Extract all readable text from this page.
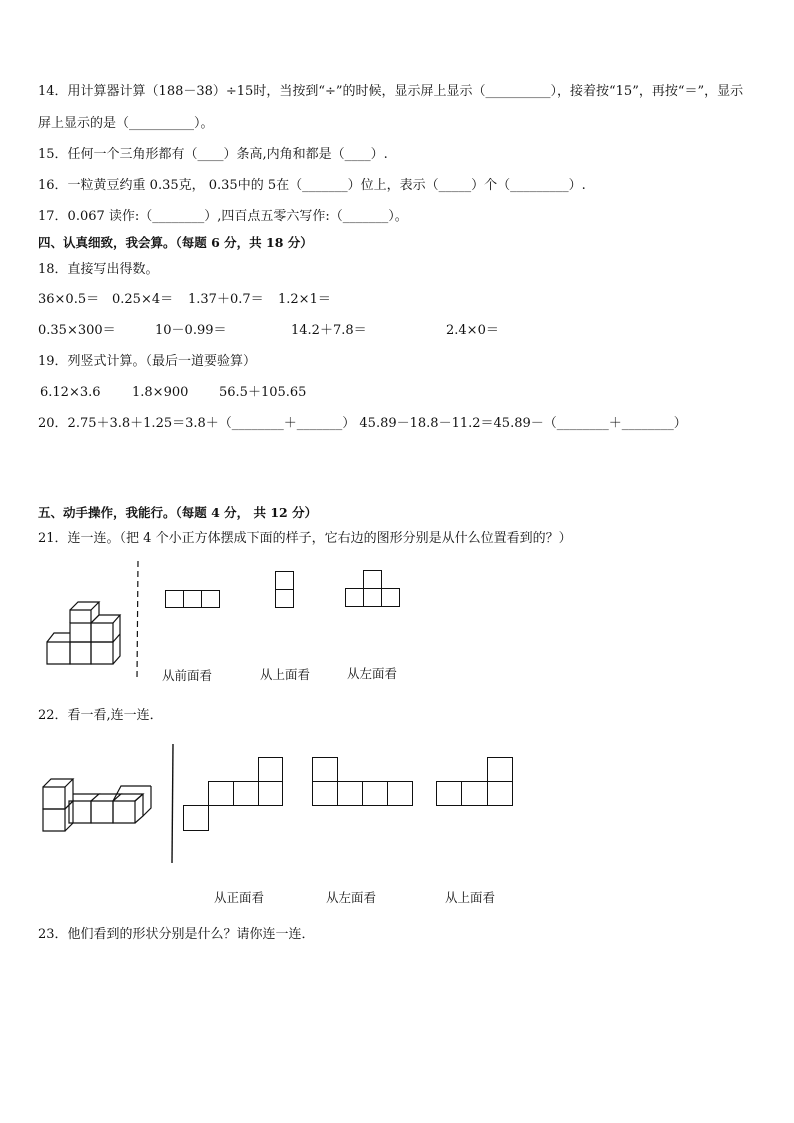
14．用计算器计算（188－38）÷15时，当按到“÷”的时候，显示屏上显示（__________），接着按“15”，再按“＝”，显示
屏上显示的是（__________）。
15．任何一个三角形都有（____）条高,内角和都是（____）.
16．一粒黄豆约重 0.35克， 0.35中的 5在（_______）位上，表示（_____）个（_________）.
17．0.067 读作:（________）,四百点五零六写作:（_______）。
四、认真细致，我会算。（每题 6 分，共 18 分）
18．直接写出得数。
36×0.5＝ 0.25×4＝ 1.37＋0.7＝ 1.2×1＝
0.35×300＝	10－0.99＝	14.2＋7.8＝	2.4×0＝
19．列竖式计算。（最后一道要验算）
6.12×3.6 1.8×900 56.5＋105.65
20．2.75＋3.8＋1.25＝3.8＋（________＋_______） 45.89－18.8－11.2＝45.89－（________＋________）
五、动手操作，我能行。（每题 4 分， 共 12 分）
21．连一连。（把 4 个小正方体摆成下面的样子，它右边的图形分别是从什么位置看到的？）
从前面看	从上面看	从左面看
22．看一看,连一连．
从正面看	从左面看	从上面看
23．他们看到的形状分别是什么？请你连一连．
